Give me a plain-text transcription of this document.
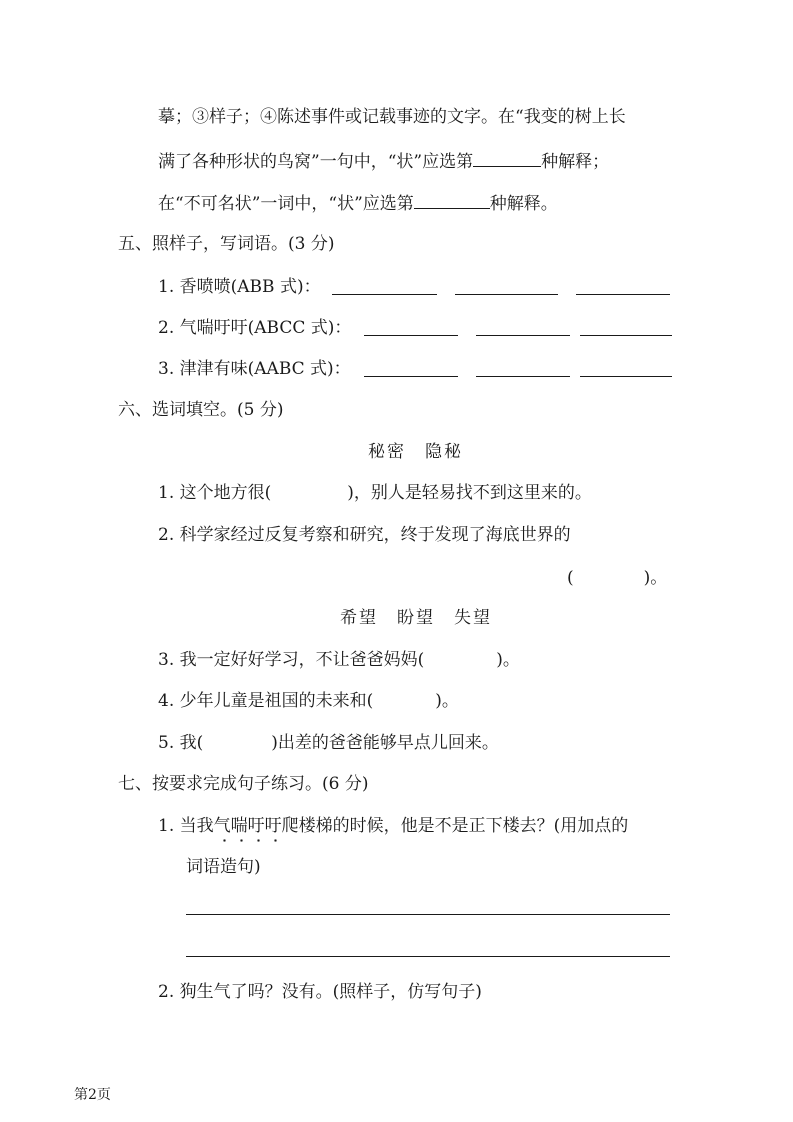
摹；③样子；④陈述事件或记载事迹的文字。在“我变的树上长
满了各种形状的鸟窝”一句中，“状”应选第	种解释；
在“不可名状”一词中，“状”应选第	种解释。
五、照样子，写词语。(3 分)
1. 香喷喷(ABB 式)：
2. 气喘吁吁(ABCC 式)：
3. 津津有味(AABC 式)：
六、选词填空。(5 分)
秘密　隐秘
1. 这个地方很(	)，别人是轻易找不到这里来的。
2. 科学家经过反复考察和研究，终于发现了海底世界的
(	)。
希望　盼望　失望
3. 我一定好好学习，不让爸爸妈妈(	)。
4. 少年儿童是祖国的未来和(	)。
5. 我(	)出差的爸爸能够早点儿回来。
七、按要求完成句子练习。(6 分)
1. 当我气喘吁吁爬楼梯的时候，他是不是正下楼去？(用加点的
词语造句)
2. 狗生气了吗？没有。(照样子，仿写句子)
第2页
